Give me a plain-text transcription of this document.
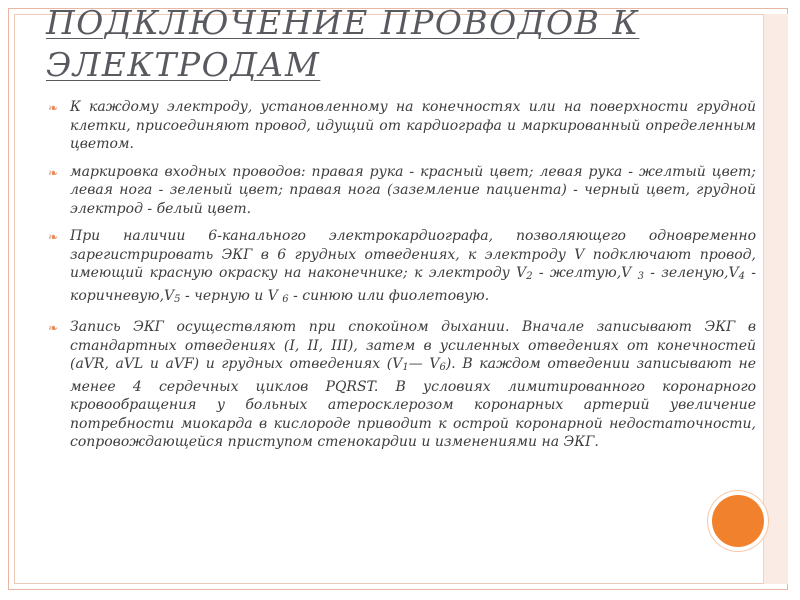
ПОДКЛЮЧЕНИЕ ПРОВОДОВ К ЭЛЕКТРОДАМ
❧ К каждому электроду, установленному на конечностях или на поверхности грудной клетки, присоединяют провод, идущий от кардиографа и маркированный определенным цветом.
❧ маркировка входных проводов: правая рука - красный цвет; левая рука - желтый цвет; левая нога - зеленый цвет; правая нога (заземление пациента) - черный цвет, грудной электрод - белый цвет.
❧ При наличии 6-канального электрокардиографа, позволяющего одновременно зарегистрировать ЭКГ в 6 грудных отведениях, к электроду V подключают провод, имеющий красную окраску на наконечнике; к электроду $V_2$ - желтую,V $_3 - зеленую,V_4$ - $коричневую,V_5$ - черную и V $_6$ - синюю или фиолетовую.
❧ Запись ЭКГ осуществляют при спокойном дыхании. Вначале записывают ЭКГ в стандартных отведениях (I, II, III), затем в усиленных отведениях от конечностей (aVR, aVL и aVF) и грудных отведениях ($V_1—$ $V_6$). В каждом отведении записывают не менее 4 сердечных циклов PQRST. В условиях лимитированного коронарного кровообращения у больных атеросклерозом коронарных артерий увеличение потребности миокарда в кислороде приводит к острой коронарной недостаточности, сопровождающейся приступом стенокардии и изменениями на ЭКГ.
